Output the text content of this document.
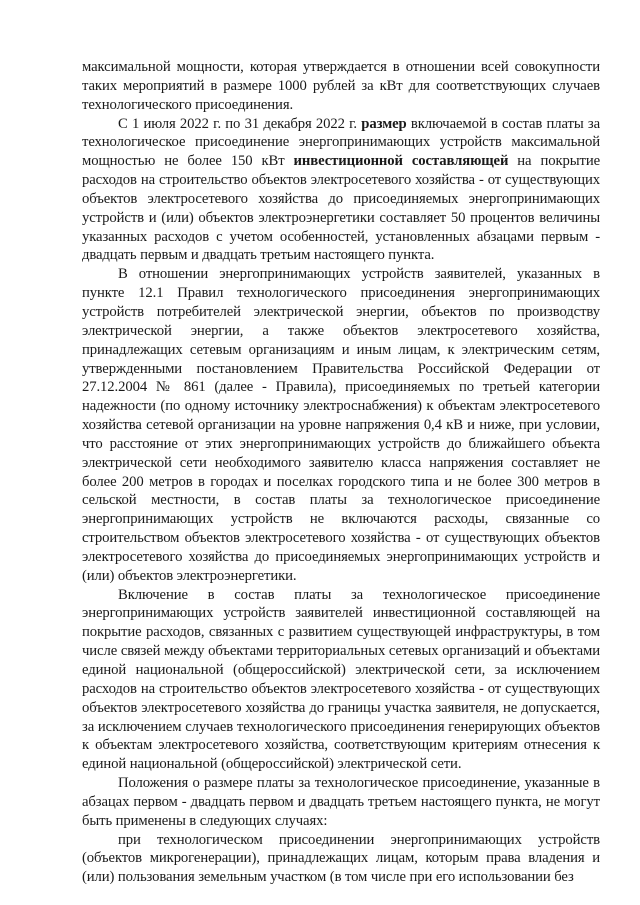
максимальной мощности, которая утверждается в отношении всей совокупности таких мероприятий в размере 1000 рублей за кВт для соответствующих случаев технологического присоединения.

С 1 июля 2022 г. по 31 декабря 2022 г. размер включаемой в состав платы за технологическое присоединение энергопринимающих устройств максимальной мощностью не более 150 кВт инвестиционной составляющей на покрытие расходов на строительство объектов электросетевого хозяйства - от существующих объектов электросетевого хозяйства до присоединяемых энергопринимающих устройств и (или) объектов электроэнергетики составляет 50 процентов величины указанных расходов с учетом особенностей, установленных абзацами первым - двадцать первым и двадцать третьим настоящего пункта.

В отношении энергопринимающих устройств заявителей, указанных в пункте 12.1 Правил технологического присоединения энергопринимающих устройств потребителей электрической энергии, объектов по производству электрической энергии, а также объектов электросетевого хозяйства, принадлежащих сетевым организациям и иным лицам, к электрическим сетям, утвержденными постановлением Правительства Российской Федерации от 27.12.2004 № 861 (далее - Правила), присоединяемых по третьей категории надежности (по одному источнику электроснабжения) к объектам электросетевого хозяйства сетевой организации на уровне напряжения 0,4 кВ и ниже, при условии, что расстояние от этих энергопринимающих устройств до ближайшего объекта электрической сети необходимого заявителю класса напряжения составляет не более 200 метров в городах и поселках городского типа и не более 300 метров в сельской местности, в состав платы за технологическое присоединение энергопринимающих устройств не включаются расходы, связанные со строительством объектов электросетевого хозяйства - от существующих объектов электросетевого хозяйства до присоединяемых энергопринимающих устройств и (или) объектов электроэнергетики.

Включение в состав платы за технологическое присоединение энергопринимающих устройств заявителей инвестиционной составляющей на покрытие расходов, связанных с развитием существующей инфраструктуры, в том числе связей между объектами территориальных сетевых организаций и объектами единой национальной (общероссийской) электрической сети, за исключением расходов на строительство объектов электросетевого хозяйства - от существующих объектов электросетевого хозяйства до границы участка заявителя, не допускается, за исключением случаев технологического присоединения генерирующих объектов к объектам электросетевого хозяйства, соответствующим критериям отнесения к единой национальной (общероссийской) электрической сети.

Положения о размере платы за технологическое присоединение, указанные в абзацах первом - двадцать первом и двадцать третьем настоящего пункта, не могут быть применены в следующих случаях:

при технологическом присоединении энергопринимающих устройств (объектов микрогенерации), принадлежащих лицам, которым права владения и (или) пользования земельным участком (в том числе при его использовании без
